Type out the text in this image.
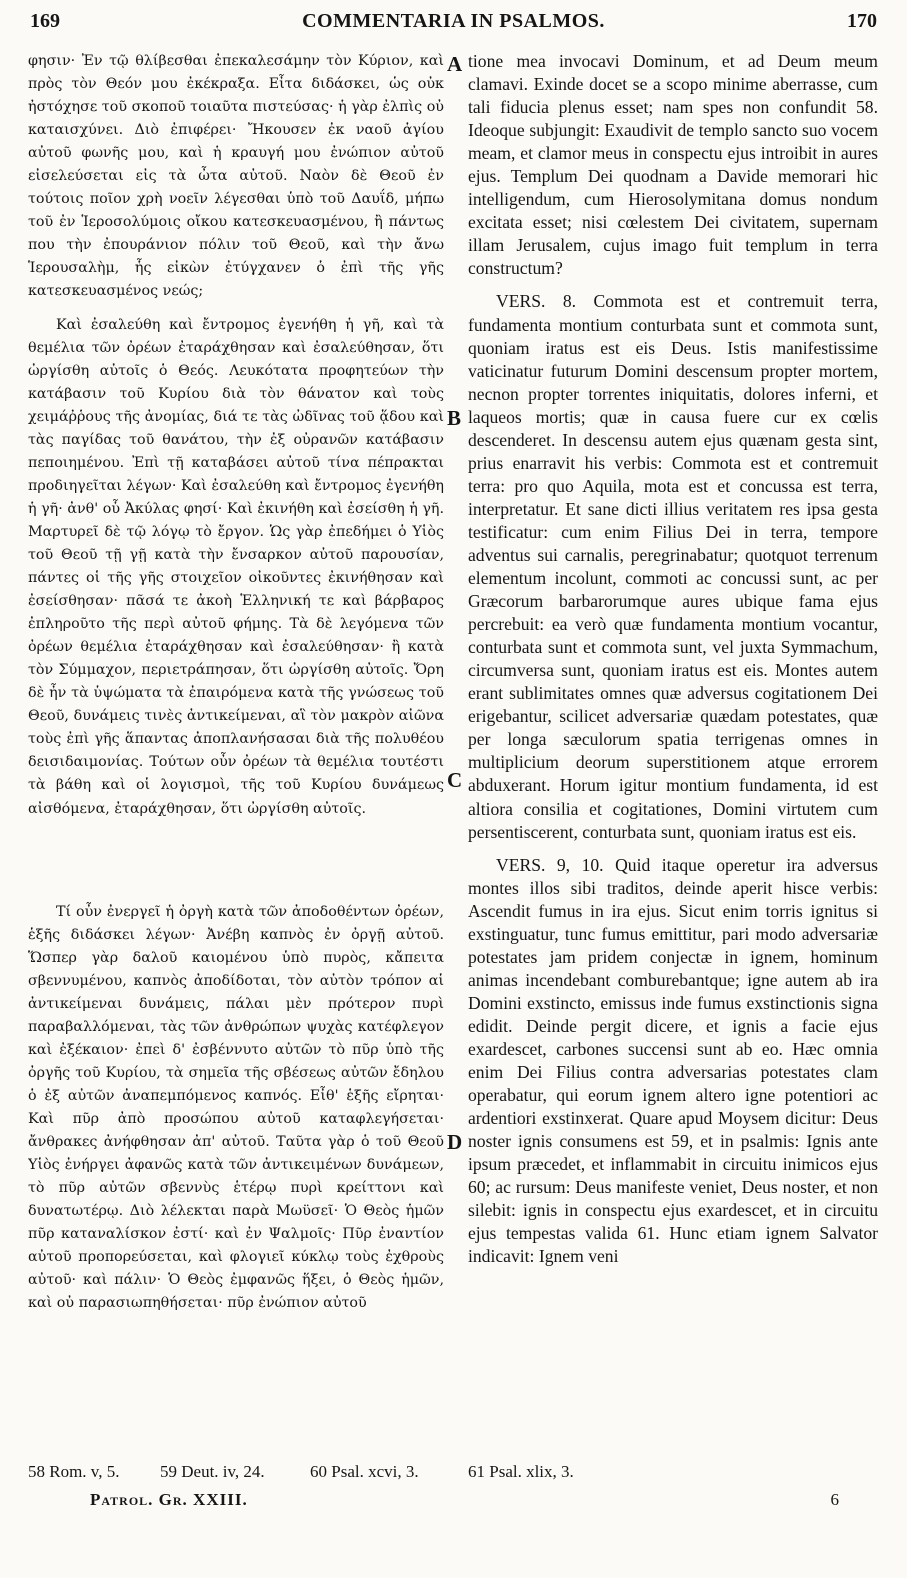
169	COMMENTARIA IN PSALMOS.	170

φησιν· Ἐν τῷ θλίβεσθαι ἐπεκαλεσάμην τὸν Κύριον, καὶ πρὸς τὸν Θεόν μου ἐκέκραξα. Εἶτα διδάσκει, ὡς οὐκ ἠστόχησε τοῦ σκοποῦ τοιαῦτα πιστεύσας· ἡ γὰρ ἐλπὶς οὐ καταισχύνει. Διὸ ἐπιφέρει· Ἤκουσεν ἐκ ναοῦ ἁγίου αὐτοῦ φωνῆς μου, καὶ ἡ κραυγή μου ἐνώπιον αὐτοῦ εἰσελεύσεται εἰς τὰ ὦτα αὐτοῦ. Ναὸν δὲ Θεοῦ ἐν τούτοις ποῖον χρὴ νοεῖν λέγεσθαι ὑπὸ τοῦ Δαυΐδ, μήπω τοῦ ἐν Ἱεροσολύμοις οἴκου κατεσκευασμένου, ἢ πάντως που τὴν ἐπουράνιον πόλιν τοῦ Θεοῦ, καὶ τὴν ἄνω Ἱερουσαλὴμ, ἧς εἰκὼν ἐτύγχανεν ὁ ἐπὶ τῆς γῆς κατεσκευασμένος νεώς;

Καὶ ἐσαλεύθη καὶ ἔντρομος ἐγενήθη ἡ γῆ, καὶ τὰ θεμέλια τῶν ὀρέων ἐταράχθησαν καὶ ἐσαλεύθησαν, ὅτι ὠργίσθη αὐτοῖς ὁ Θεός. Λευκότατα προφητεύων τὴν κατάβασιν τοῦ Κυρίου διὰ τὸν θάνατον καὶ τοὺς χειμάῤῥους τῆς ἀνομίας, διά τε τὰς ὠδῖνας τοῦ ᾅδου καὶ τὰς παγίδας τοῦ θανάτου, τὴν ἐξ οὐρανῶν κατάβασιν πεποιημένου. Ἐπὶ τῇ καταβάσει αὐτοῦ τίνα πέπρακται προδιηγεῖται λέγων· Καὶ ἐσαλεύθη καὶ ἔντρομος ἐγενήθη ἡ γῆ· ἀνθ' οὗ Ἀκύλας φησί· Καὶ ἐκινήθη καὶ ἐσείσθη ἡ γῆ. Μαρτυρεῖ δὲ τῷ λόγῳ τὸ ἔργον. Ὡς γὰρ ἐπεδήμει ὁ Υἱὸς τοῦ Θεοῦ τῇ γῇ κατὰ τὴν ἔνσαρκον αὐτοῦ παρουσίαν, πάντες οἱ τῆς γῆς στοιχεῖον οἰκοῦντες ἐκινήθησαν καὶ ἐσείσθησαν· πᾶσά τε ἀκοὴ Ἑλληνική τε καὶ βάρβαρος ἐπληροῦτο τῆς περὶ αὐτοῦ φήμης. Τὰ δὲ λεγόμενα τῶν ὀρέων θεμέλια ἐταράχθησαν καὶ ἐσαλεύθησαν· ἢ κατὰ τὸν Σύμμαχον, περιετράπησαν, ὅτι ὠργίσθη αὐτοῖς. Ὄρη δὲ ἦν τὰ ὑψώματα τὰ ἐπαιρόμενα κατὰ τῆς γνώσεως τοῦ Θεοῦ, δυνάμεις τινὲς ἀντικείμεναι, αἳ τὸν μακρὸν αἰῶνα τοὺς ἐπὶ γῆς ἅπαντας ἀποπλανήσασαι διὰ τῆς πολυθέου δεισιδαιμονίας. Τούτων οὖν ὀρέων τὰ θεμέλια τουτέστι τὰ βάθη καὶ οἱ λογισμοὶ, τῆς τοῦ Κυρίου δυνάμεως αἰσθόμενα, ἐταράχθησαν, ὅτι ὠργίσθη αὐτοῖς.

Τί οὖν ἐνεργεῖ ἡ ὀργὴ κατὰ τῶν ἀποδοθέντων ὀρέων, ἑξῆς διδάσκει λέγων· Ἀνέβη καπνὸς ἐν ὀργῇ αὐτοῦ. Ὥσπερ γὰρ δαλοῦ καιομένου ὑπὸ πυρὸς, κἄπειτα σβεννυμένου, καπνὸς ἀποδίδοται, τὸν αὐτὸν τρόπον αἱ ἀντικείμεναι δυνάμεις, πάλαι μὲν πρότερον πυρὶ παραβαλλόμεναι, τὰς τῶν ἀνθρώπων ψυχὰς κατέφλεγον καὶ ἐξέκαιον· ἐπεὶ δ' ἐσβέννυτο αὐτῶν τὸ πῦρ ὑπὸ τῆς ὀργῆς τοῦ Κυρίου, τὰ σημεῖα τῆς σβέσεως αὐτῶν ἔδηλου ὁ ἐξ αὐτῶν ἀναπεμπόμενος καπνός. Εἶθ' ἑξῆς εἴρηται· Καὶ πῦρ ἀπὸ προσώπου αὐτοῦ καταφλεγήσεται· ἄνθρακες ἀνήφθησαν ἀπ' αὐτοῦ. Ταῦτα γὰρ ὁ τοῦ Θεοῦ Υἱὸς ἐνήργει ἀφανῶς κατὰ τῶν ἀντικειμένων δυνάμεων, τὸ πῦρ αὐτῶν σβεννὺς ἑτέρῳ πυρὶ κρείττονι καὶ δυνατωτέρῳ. Διὸ λέλεκται παρὰ Μωϋσεῖ· Ὁ Θεὸς ἡμῶν πῦρ καταναλίσκον ἐστί· καὶ ἐν Ψαλμοῖς· Πῦρ ἐναντίον αὐτοῦ προπορεύσεται, καὶ φλογιεῖ κύκλῳ τοὺς ἐχθροὺς αὐτοῦ· καὶ πάλιν· Ὁ Θεὸς ἐμφανῶς ἥξει, ὁ Θεὸς ἡμῶν, καὶ οὐ παρασιωπηθήσεται· πῦρ ἐνώπιον αὐτοῦ

A
B
C
D

tione mea invocavi Dominum, et ad Deum meum clamavi. Exinde docet se a scopo minime aberrasse, cum tali fiducia plenus esset; nam spes non confundit 58. Ideoque subjungit: Exaudivit de templo sancto suo vocem meam, et clamor meus in conspectu ejus introibit in aures ejus. Templum Dei quodnam a Davide memorari hic intelligendum, cum Hierosolymitana domus nondum excitata esset; nisi cœlestem Dei civitatem, supernam illam Jerusalem, cujus imago fuit templum in terra constructum?

VERS. 8. Commota est et contremuit terra, fundamenta montium conturbata sunt et commota sunt, quoniam iratus est eis Deus. Istis manifestissime vaticinatur futurum Domini descensum propter mortem, necnon propter torrentes iniquitatis, dolores inferni, et laqueos mortis; quæ in causa fuere cur ex cœlis descenderet. In descensu autem ejus quænam gesta sint, prius enarravit his verbis: Commota est et contremuit terra: pro quo Aquila, mota est et concussa est terra, interpretatur. Et sane dicti illius veritatem res ipsa gesta testificatur: cum enim Filius Dei in terra, tempore adventus sui carnalis, peregrinabatur; quotquot terrenum elementum incolunt, commoti ac concussi sunt, ac per Græcorum barbarorumque aures ubique fama ejus percrebuit: ea verò quæ fundamenta montium vocantur, conturbata sunt et commota sunt, vel juxta Symmachum, circumversa sunt, quoniam iratus est eis. Montes autem erant sublimitates omnes quæ adversus cogitationem Dei erigebantur, scilicet adversariæ quædam potestates, quæ per longa sæculorum spatia terrigenas omnes in multiplicium deorum superstitionem atque errorem abduxerant. Horum igitur montium fundamenta, id est altiora consilia et cogitationes, Domini virtutem cum persentiscerent, conturbata sunt, quoniam iratus est eis.

VERS. 9, 10. Quid itaque operetur ira adversus montes illos sibi traditos, deinde aperit hisce verbis: Ascendit fumus in ira ejus. Sicut enim torris ignitus si exstinguatur, tunc fumus emittitur, pari modo adversariæ potestates jam pridem conjectæ in ignem, hominum animas incendebant comburebantque; igne autem ab ira Domini exstincto, emissus inde fumus exstinctionis signa edidit. Deinde pergit dicere, et ignis a facie ejus exardescet, carbones succensi sunt ab eo. Hæc omnia enim Dei Filius contra adversarias potestates clam operabatur, qui eorum ignem altero igne potentiori ac ardentiori exstinxerat. Quare apud Moysem dicitur: Deus noster ignis consumens est 59, et in psalmis: Ignis ante ipsum præcedet, et inflammabit in circuitu inimicos ejus 60; ac rursum: Deus manifeste veniet, Deus noster, et non silebit: ignis in conspectu ejus exardescet, et in circuitu ejus tempestas valida 61. Hunc etiam ignem Salvator indicavit: Ignem veni

58 Rom. v, 5. 59 Deut. iv, 24.	60 Psal. xcvi, 3.	61 Psal. xlix, 3.
Patrol. Gr. XXIII.	6
